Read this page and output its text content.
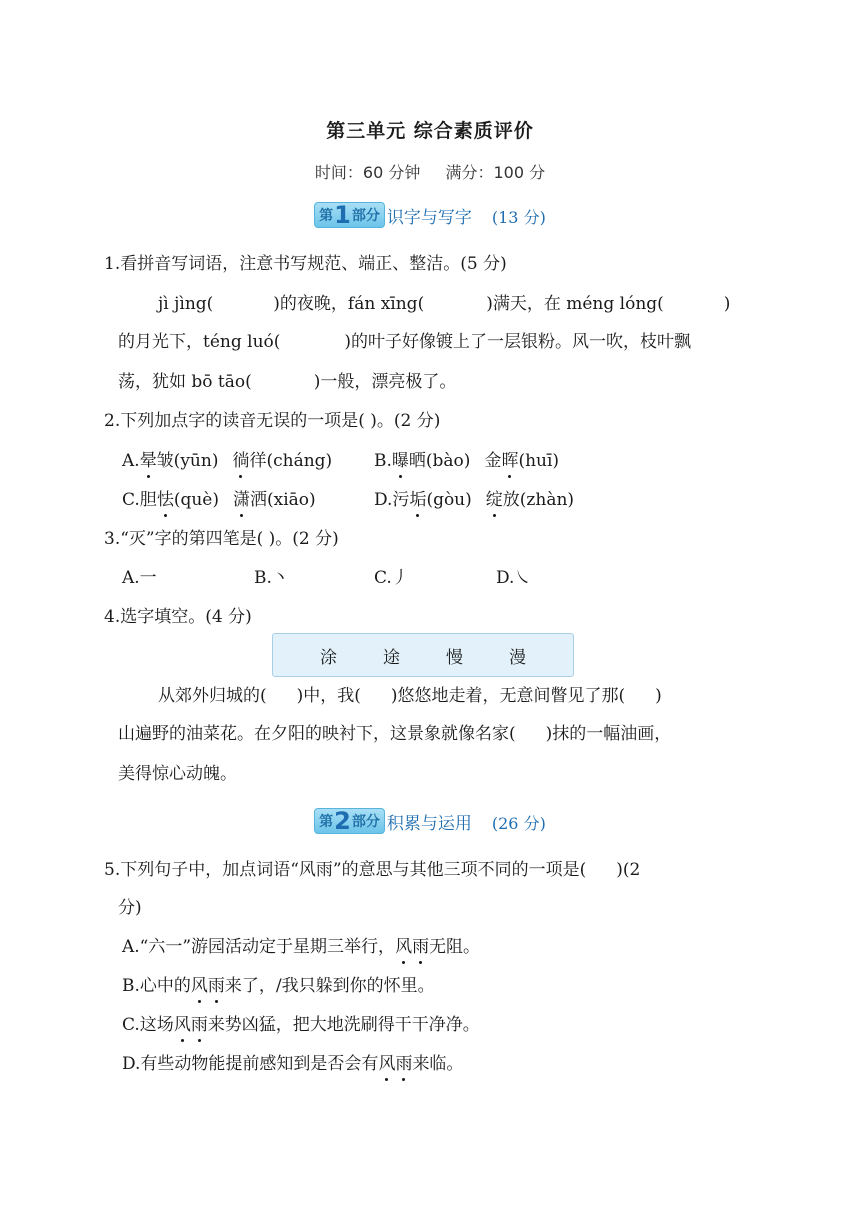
第三单元 综合素质评价
时间：60 分钟 满分：100 分
第 1 部分 识字与写字 (13 分)
1.看拼音写词语，注意书写规范、端正、整洁。(5 分)
jì jìng(	)的夜晚，fán xīng(	)满天，在 méng lóng(	)
的月光下，téng luó(	)的叶子好像镀上了一层银粉。风一吹，枝叶飘
荡，犹如 bō tāo(	)一般，漂亮极了。
2.下列加点字的读音无误的一项是( )。(2 分)
A.晕皱(yūn) 徜徉(cháng) B.曝晒(bào) 金晖(huī)
C.胆怯(què) 潇洒(xiāo)	D.污垢(gòu) 绽放(zhàn)
3.“灭”字的第四笔是( )。(2 分)
A.一	B.丶	C.丿	D.㇏
4.选字填空。(4 分)
涂	途	慢	漫
从郊外归城的( )中，我( )悠悠地走着，无意间瞥见了那( )
山遍野的油菜花。在夕阳的映衬下，这景象就像名家( )抹的一幅油画，
美得惊心动魄。
第 2 部分 积累与运用 (26 分)
5.下列句子中，加点词语“风雨”的意思与其他三项不同的一项是( )(2
分)
A.“六一”游园活动定于星期三举行，风雨无阻。
B.心中的风雨来了，/我只躲到你的怀里。
C.这场风雨来势凶猛，把大地洗刷得干干净净。
D.有些动物能提前感知到是否会有风雨来临。
